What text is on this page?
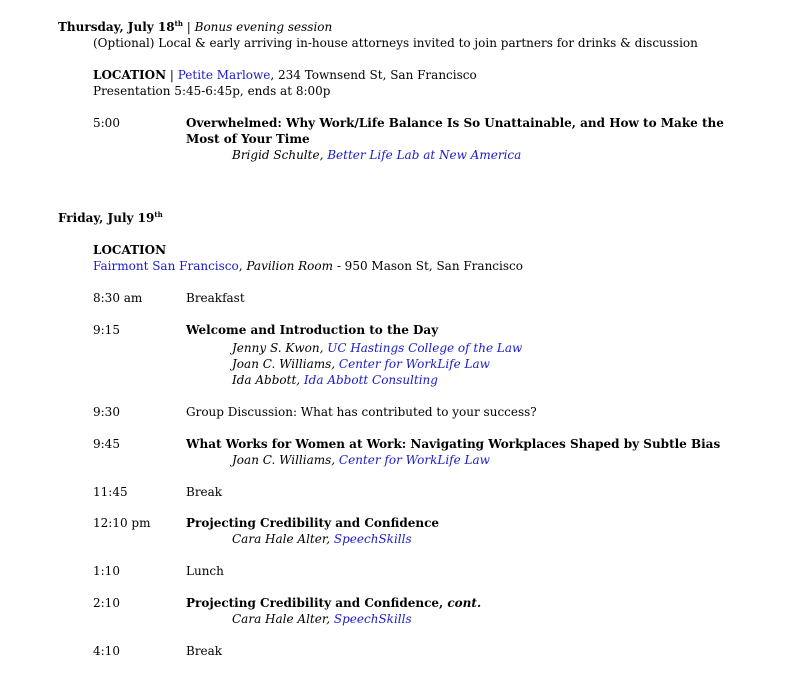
Thursday, July 18th | Bonus evening session
(Optional) Local & early arriving in-house attorneys invited to join partners for drinks & discussion
LOCATION | Petite Marlowe, 234 Townsend St, San Francisco
Presentation 5:45-6:45p, ends at 8:00p
5:00	Overwhelmed: Why Work/Life Balance Is So Unattainable, and How to Make the
Most of Your Time
Brigid Schulte, Better Life Lab at New America
Friday, July 19th
LOCATION
Fairmont San Francisco, Pavilion Room - 950 Mason St, San Francisco
8:30 am	Breakfast
9:15	Welcome and Introduction to the Day
Jenny S. Kwon, UC Hastings College of the Law
Joan C. Williams, Center for WorkLife Law
Ida Abbott, Ida Abbott Consulting
9:30	Group Discussion: What has contributed to your success?
9:45	What Works for Women at Work: Navigating Workplaces Shaped by Subtle Bias
Joan C. Williams, Center for WorkLife Law
11:45	Break
12:10 pm	Projecting Credibility and Confidence
Cara Hale Alter, SpeechSkills
1:10	Lunch
2:10	Projecting Credibility and Confidence, cont.
Cara Hale Alter, SpeechSkills
4:10	Break
